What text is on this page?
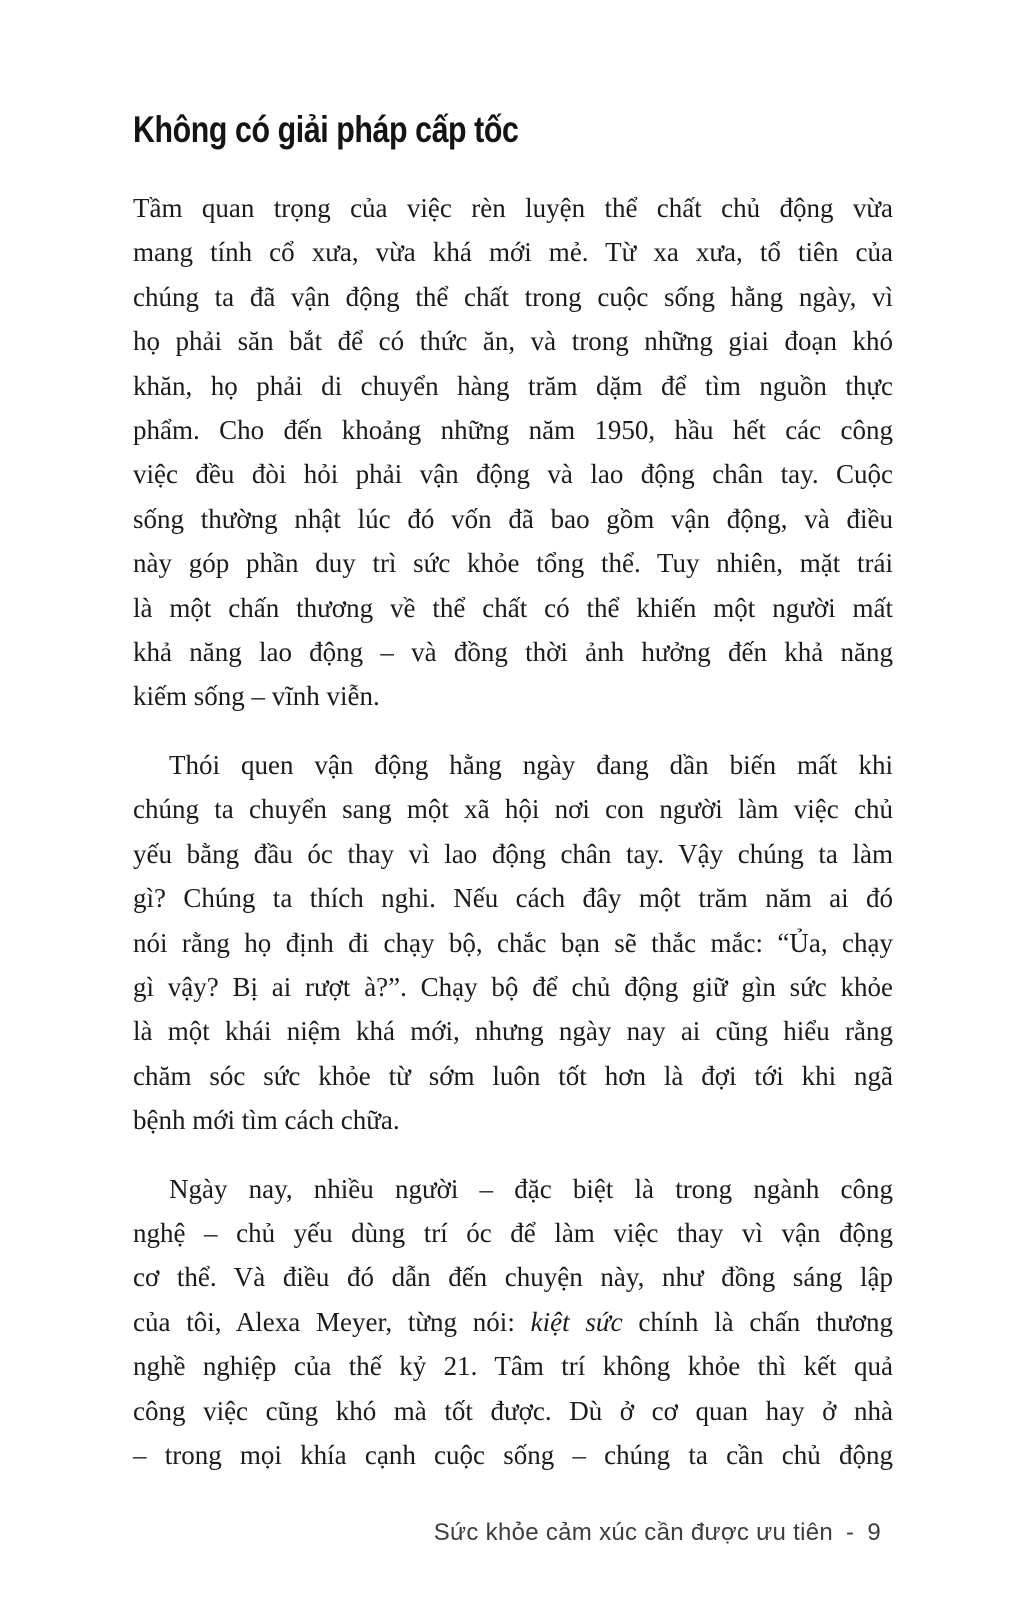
Không có giải pháp cấp tốc
Tầm quan trọng của việc rèn luyện thể chất chủ động vừa
mang tính cổ xưa, vừa khá mới mẻ. Từ xa xưa, tổ tiên của
chúng ta đã vận động thể chất trong cuộc sống hằng ngày, vì
họ phải săn bắt để có thức ăn, và trong những giai đoạn khó
khăn, họ phải di chuyển hàng trăm dặm để tìm nguồn thực
phẩm. Cho đến khoảng những năm 1950, hầu hết các công
việc đều đòi hỏi phải vận động và lao động chân tay. Cuộc
sống thường nhật lúc đó vốn đã bao gồm vận động, và điều
này góp phần duy trì sức khỏe tổng thể. Tuy nhiên, mặt trái
là một chấn thương về thể chất có thể khiến một người mất
khả năng lao động – và đồng thời ảnh hưởng đến khả năng
kiếm sống – vĩnh viễn.
Thói quen vận động hằng ngày đang dần biến mất khi
chúng ta chuyển sang một xã hội nơi con người làm việc chủ
yếu bằng đầu óc thay vì lao động chân tay. Vậy chúng ta làm
gì? Chúng ta thích nghi. Nếu cách đây một trăm năm ai đó
nói rằng họ định đi chạy bộ, chắc bạn sẽ thắc mắc: “Ủa, chạy
gì vậy? Bị ai rượt à?”. Chạy bộ để chủ động giữ gìn sức khỏe
là một khái niệm khá mới, nhưng ngày nay ai cũng hiểu rằng
chăm sóc sức khỏe từ sớm luôn tốt hơn là đợi tới khi ngã
bệnh mới tìm cách chữa.
Ngày nay, nhiều người – đặc biệt là trong ngành công
nghệ – chủ yếu dùng trí óc để làm việc thay vì vận động
cơ thể. Và điều đó dẫn đến chuyện này, như đồng sáng lập
của tôi, Alexa Meyer, từng nói: kiệt sức chính là chấn thương
nghề nghiệp của thế kỷ 21. Tâm trí không khỏe thì kết quả
công việc cũng khó mà tốt được. Dù ở cơ quan hay ở nhà
– trong mọi khía cạnh cuộc sống – chúng ta cần chủ động
Sức khỏe cảm xúc cần được ưu tiên - 9
